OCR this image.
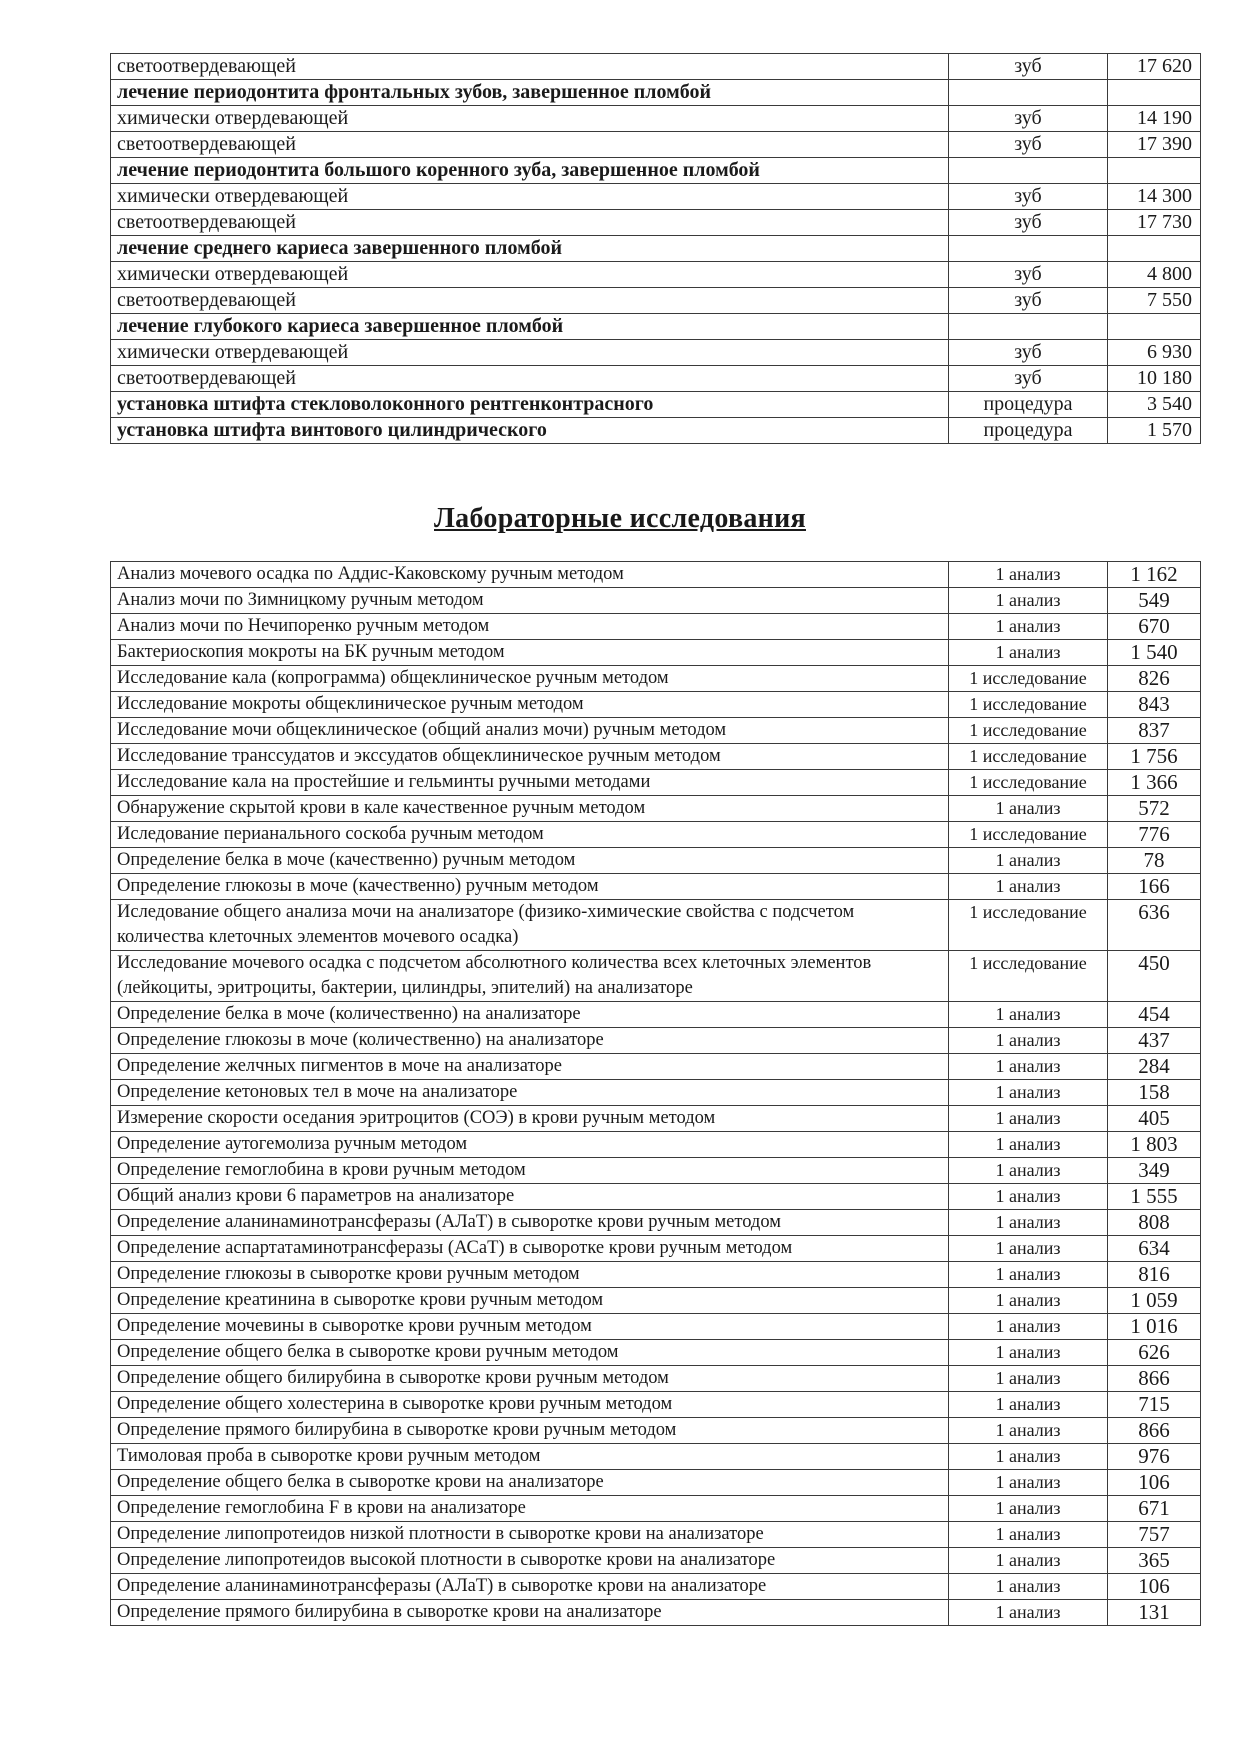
светоотвердевающей	зуб	17 620
лечение периодонтита фронтальных зубов, завершенное пломбой		
химически отвердевающей	зуб	14 190
светоотвердевающей	зуб	17 390
лечение периодонтита большого коренного зуба, завершенное пломбой		
химически отвердевающей	зуб	14 300
светоотвердевающей	зуб	17 730
лечение среднего кариеса завершенного пломбой		
химически отвердевающей	зуб	4 800
светоотвердевающей	зуб	7 550
лечение глубокого кариеса завершенное пломбой		
химически отвердевающей	зуб	6 930
светоотвердевающей	зуб	10 180
установка штифта стекловолоконного рентгенконтрасного	процедура	3 540
установка штифта винтового цилиндрического	процедура	1 570
Лабораторные исследования
Анализ мочевого осадка по Аддис-Каковскому ручным методом	1 анализ	1 162
Анализ мочи по Зимницкому ручным методом	1 анализ	549
Анализ мочи по Нечипоренко ручным методом	1 анализ	670
Бактериоскопия мокроты на БК ручным методом	1 анализ	1 540
Исследование кала (копрограмма) общеклиническое ручным методом	1 исследование	826
Исследование мокроты общеклиническое ручным методом	1 исследование	843
Исследование мочи общеклиническое (общий анализ мочи) ручным методом	1 исследование	837
Исследование транссудатов и экссудатов общеклиническое ручным методом	1 исследование	1 756
Исследование кала на простейшие и гельминты ручными методами	1 исследование	1 366
Обнаружение скрытой крови в кале качественное ручным методом	1 анализ	572
Иследование перианального соскоба ручным методом	1 исследование	776
Определение белка в моче (качественно) ручным методом	1 анализ	78
Определение глюкозы в моче (качественно) ручным методом	1 анализ	166
Иследование общего анализа мочи на анализаторе (физико-химические свойства с подсчетом количества клеточных элементов мочевого осадка)	1 исследование	636
Исследование мочевого осадка с подсчетом абсолютного количества всех клеточных элементов (лейкоциты, эритроциты, бактерии, цилиндры, эпителий) на анализаторе	1 исследование	450
Определение белка в моче (количественно) на анализаторе	1 анализ	454
Определение глюкозы в моче (количественно) на анализаторе	1 анализ	437
Определение желчных пигментов в моче на анализаторе	1 анализ	284
Определение кетоновых тел в моче на анализаторе	1 анализ	158
Измерение скорости оседания эритроцитов (СОЭ) в крови ручным методом	1 анализ	405
Определение аутогемолиза ручным методом	1 анализ	1 803
Определение гемоглобина в крови ручным методом	1 анализ	349
Общий анализ крови 6 параметров на анализаторе	1 анализ	1 555
Определение аланинаминотрансферазы (АЛаТ) в сыворотке крови ручным методом	1 анализ	808
Определение аспартатаминотрансферазы (АСаТ) в сыворотке крови ручным методом	1 анализ	634
Определение глюкозы в сыворотке крови ручным методом	1 анализ	816
Определение креатинина в сыворотке крови ручным методом	1 анализ	1 059
Определение мочевины в сыворотке крови ручным методом	1 анализ	1 016
Определение общего белка в сыворотке крови ручным методом	1 анализ	626
Определение общего билирубина в сыворотке крови ручным методом	1 анализ	866
Определение общего холестерина в сыворотке крови ручным методом	1 анализ	715
Определение прямого билирубина в сыворотке крови ручным методом	1 анализ	866
Тимоловая проба в сыворотке крови ручным методом	1 анализ	976
Определение общего белка в сыворотке крови на анализаторе	1 анализ	106
Определение гемоглобина F в крови на анализаторе	1 анализ	671
Определение липопротеидов низкой плотности в сыворотке крови на анализаторе	1 анализ	757
Определение липопротеидов высокой плотности в сыворотке крови на анализаторе	1 анализ	365
Определение аланинаминотрансферазы (АЛаТ) в сыворотке крови на анализаторе	1 анализ	106
Определение прямого билирубина в сыворотке крови на анализаторе	1 анализ	131
